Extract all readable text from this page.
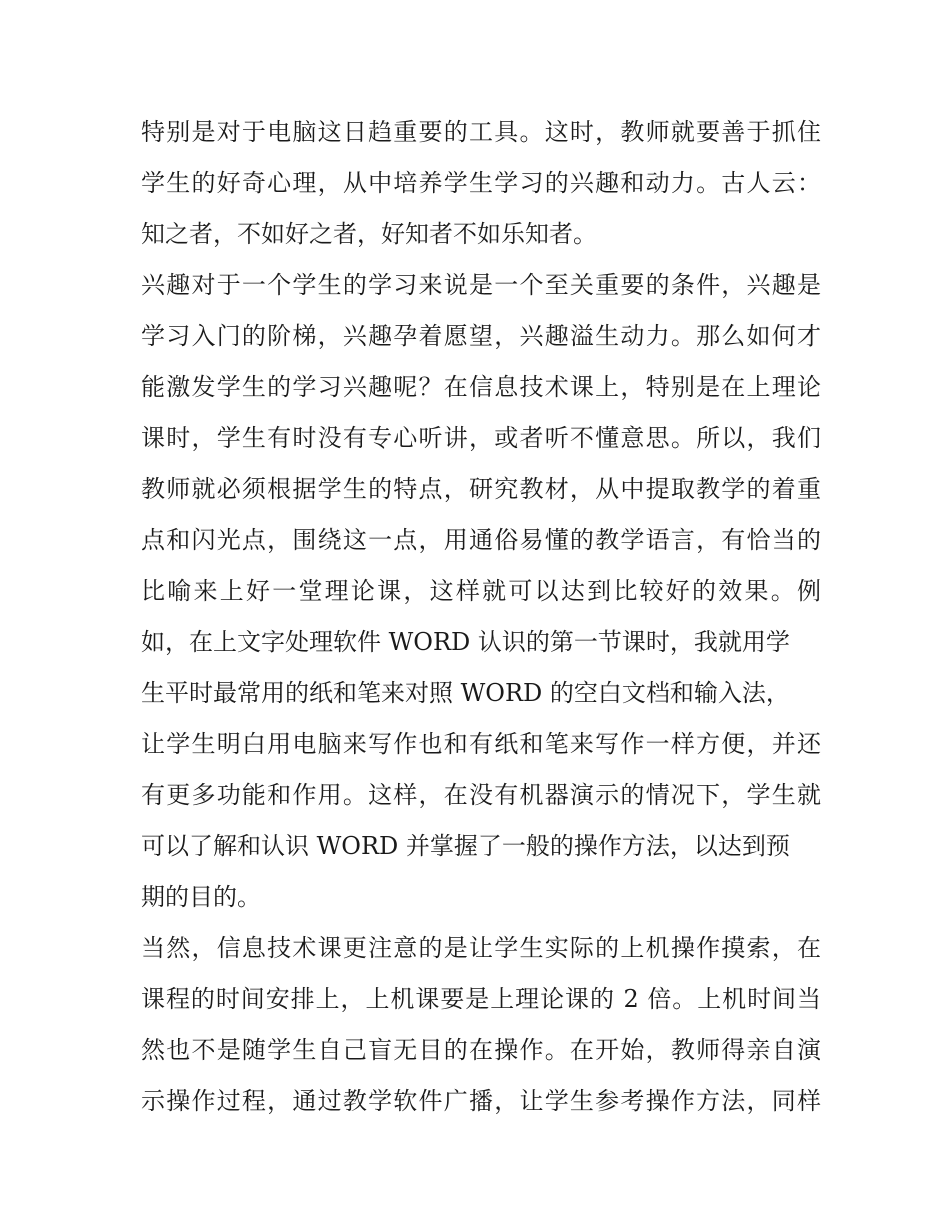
特别是对于电脑这日趋重要的工具。这时，教师就要善于抓住
学生的好奇心理，从中培养学生学习的兴趣和动力。古人云：
知之者，不如好之者，好知者不如乐知者。
兴趣对于一个学生的学习来说是一个至关重要的条件，兴趣是
学习入门的阶梯，兴趣孕着愿望，兴趣溢生动力。那么如何才
能激发学生的学习兴趣呢？在信息技术课上，特别是在上理论
课时，学生有时没有专心听讲，或者听不懂意思。所以，我们
教师就必须根据学生的特点，研究教材，从中提取教学的着重
点和闪光点，围绕这一点，用通俗易懂的教学语言，有恰当的
比喻来上好一堂理论课，这样就可以达到比较好的效果。例
如，在上文字处理软件 WORD 认识的第一节课时，我就用学
生平时最常用的纸和笔来对照 WORD 的空白文档和输入法，
让学生明白用电脑来写作也和有纸和笔来写作一样方便，并还
有更多功能和作用。这样，在没有机器演示的情况下，学生就
可以了解和认识 WORD 并掌握了一般的操作方法，以达到预
期的目的。
当然，信息技术课更注意的是让学生实际的上机操作摸索，在
课程的时间安排上，上机课要是上理论课的 2 倍。上机时间当
然也不是随学生自己盲无目的在操作。在开始，教师得亲自演
示操作过程，通过教学软件广播，让学生参考操作方法，同样
